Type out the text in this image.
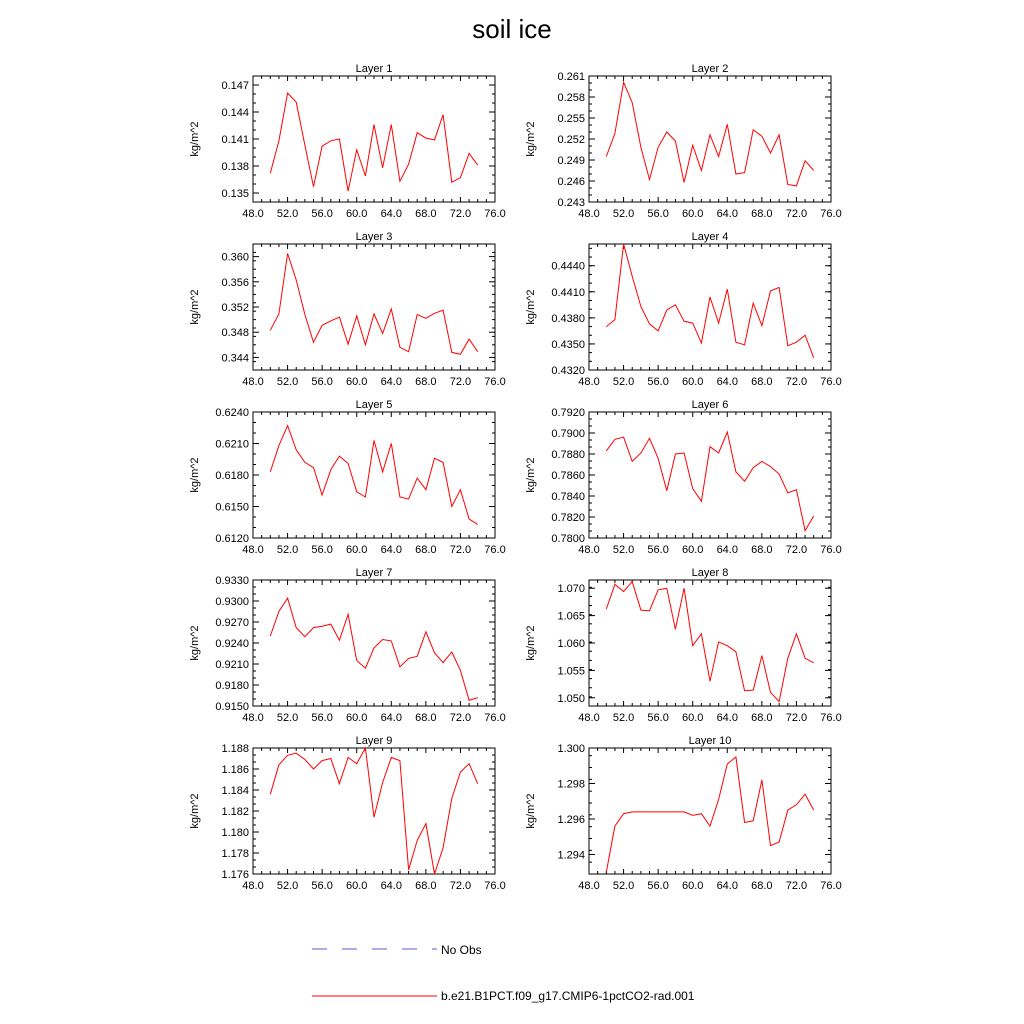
soil ice
Layer 1
48.0 52.0 56.0 60.0 64.0 68.0 72.0 76.0
0.135
0.138
0.141
0.144
0.147
kg/m^2
Layer 2
48.0 52.0 56.0 60.0 64.0 68.0 72.0 76.0
0.243
0.246
0.249
0.252
0.255
0.258
0.261
kg/m^2
Layer 3
48.0 52.0 56.0 60.0 64.0 68.0 72.0 76.0
0.344
0.348
0.352
0.356
0.360
kg/m^2
Layer 4
48.0 52.0 56.0 60.0 64.0 68.0 72.0 76.0
0.4320
0.4350
0.4380
0.4410
0.4440
kg/m^2
Layer 5
48.0 52.0 56.0 60.0 64.0 68.0 72.0 76.0
0.6120
0.6150
0.6180
0.6210
0.6240
kg/m^2
Layer 6
48.0 52.0 56.0 60.0 64.0 68.0 72.0 76.0
0.7800
0.7820
0.7840
0.7860
0.7880
0.7900
0.7920
kg/m^2
Layer 7
48.0 52.0 56.0 60.0 64.0 68.0 72.0 76.0
0.9150
0.9180
0.9210
0.9240
0.9270
0.9300
0.9330
kg/m^2
Layer 8
48.0 52.0 56.0 60.0 64.0 68.0 72.0 76.0
1.050
1.055
1.060
1.065
1.070
kg/m^2
Layer 9
48.0 52.0 56.0 60.0 64.0 68.0 72.0 76.0
1.176
1.178
1.180
1.182
1.184
1.186
1.188
kg/m^2
Layer 10
48.0 52.0 56.0 60.0 64.0 68.0 72.0 76.0
1.294
1.296
1.298
1.300
kg/m^2
No Obs
b.e21.B1PCT.f09_g17.CMIP6-1pctCO2-rad.001
